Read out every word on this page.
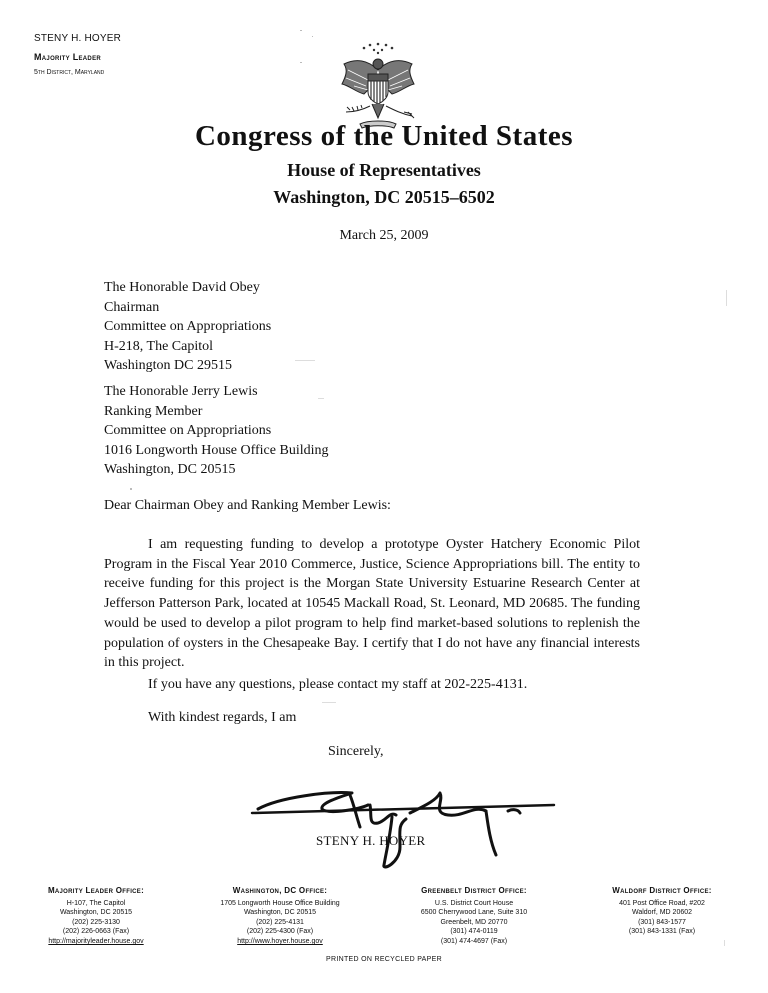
STENY H. HOYER
Majority Leader
5th District, Maryland
Congress of the United States
House of Representatives
Washington, DC 20515–6502
March 25, 2009
The Honorable David Obey
Chairman
Committee on Appropriations
H-218, The Capitol
Washington DC 29515
The Honorable Jerry Lewis
Ranking Member
Committee on Appropriations
1016 Longworth House Office Building
Washington, DC 20515
Dear Chairman Obey and Ranking Member Lewis:
I am requesting funding to develop a prototype Oyster Hatchery Economic Pilot Program in the Fiscal Year 2010 Commerce, Justice, Science Appropriations bill. The entity to receive funding for this project is the Morgan State University Estuarine Research Center at Jefferson Patterson Park, located at 10545 Mackall Road, St. Leonard, MD 20685. The funding would be used to develop a pilot program to help find market-based solutions to replenish the population of oysters in the Chesapeake Bay. I certify that I do not have any financial interests in this project.
If you have any questions, please contact my staff at 202-225-4131.
With kindest regards, I am
Sincerely,
STENY H. HOYER
Majority Leader Office:
H-107, The Capitol
Washington, DC 20515
(202) 225-3130
(202) 226-0663 (Fax)
http://majorityleader.house.gov
Washington, DC Office:
1705 Longworth House Office Building
Washington, DC 20515
(202) 225-4131
(202) 225-4300 (Fax)
http://www.hoyer.house.gov
Greenbelt District Office:
U.S. District Court House
6500 Cherrywood Lane, Suite 310
Greenbelt, MD 20770
(301) 474-0119
(301) 474-4697 (Fax)
Waldorf District Office:
401 Post Office Road, #202
Waldorf, MD 20602
(301) 843-1577
(301) 843-1331 (Fax)
PRINTED ON RECYCLED PAPER
